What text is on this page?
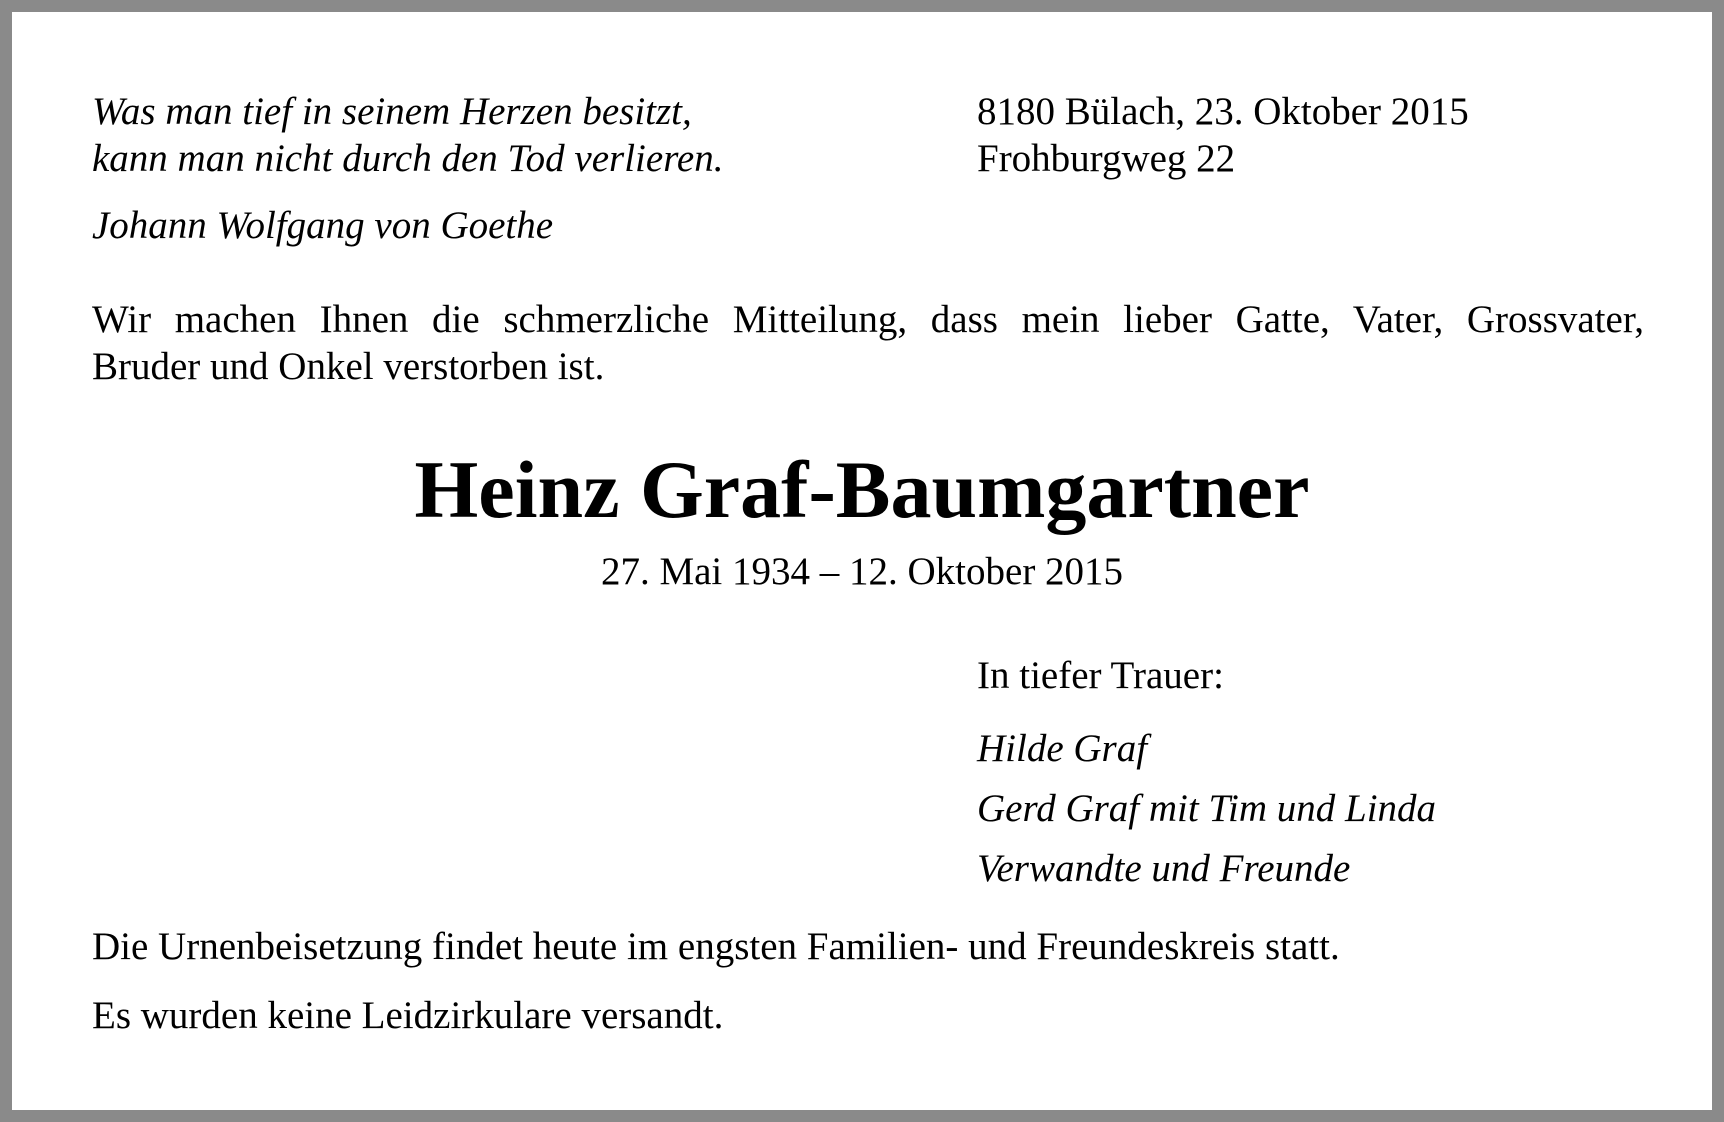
Was man tief in seinem Herzen besitzt,
kann man nicht durch den Tod verlieren.
Johann Wolfgang von Goethe
8180 Bülach, 23. Oktober 2015
Frohburgweg 22
Wir machen Ihnen die schmerzliche Mitteilung, dass mein lieber Gatte, Vater, Grossvater,
Bruder und Onkel verstorben ist.
Heinz Graf-Baumgartner
27. Mai 1934 – 12. Oktober 2015
In tiefer Trauer:
Hilde Graf
Gerd Graf mit Tim und Linda
Verwandte und Freunde
Die Urnenbeisetzung findet heute im engsten Familien- und Freundeskreis statt.
Es wurden keine Leidzirkulare versandt.
